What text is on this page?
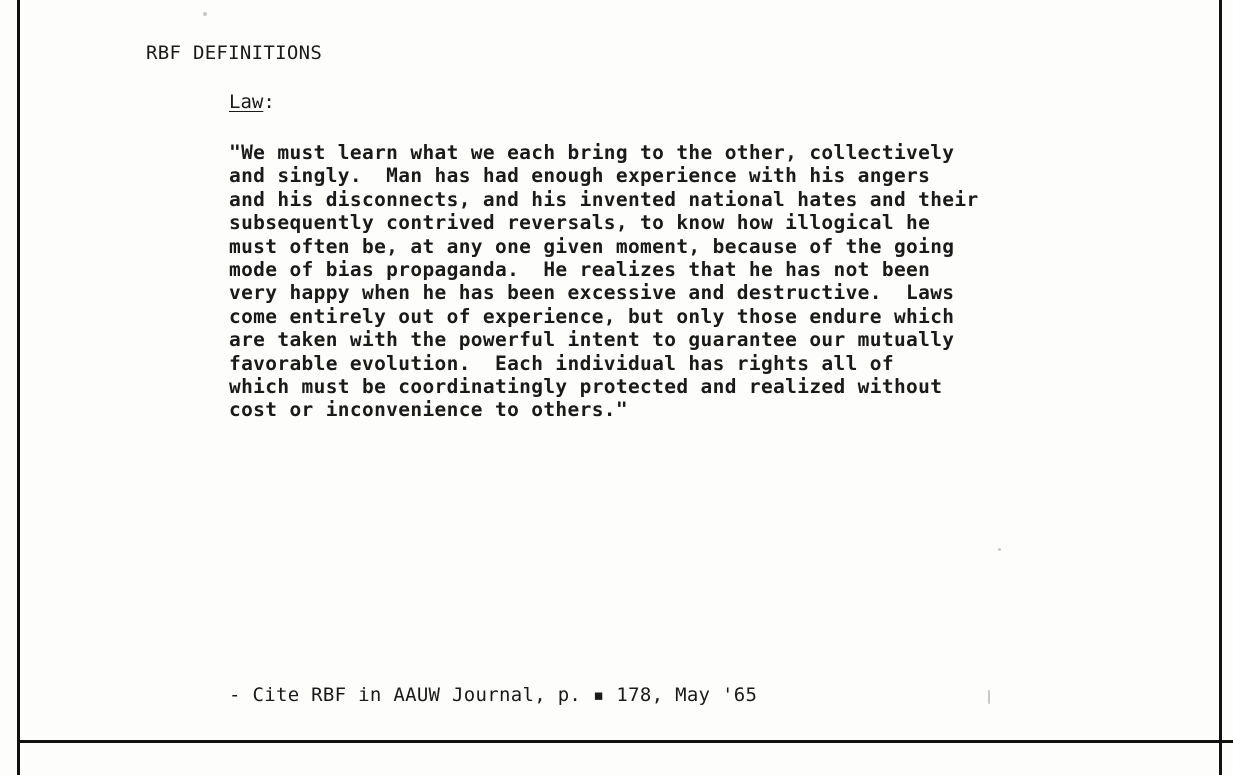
RBF DEFINITIONS
Law:
"We must learn what we each bring to the other, collectively
and singly.  Man has had enough experience with his angers
and his disconnects, and his invented national hates and their
subsequently contrived reversals, to know how illogical he
must often be, at any one given moment, because of the going
mode of bias propaganda.  He realizes that he has not been
very happy when he has been excessive and destructive.  Laws
come entirely out of experience, but only those endure which
are taken with the powerful intent to guarantee our mutually
favorable evolution.  Each individual has rights all of
which must be coordinatingly protected and realized without
cost or inconvenience to others."
- Cite RBF in AAUW Journal, p. ▪ 178, May '65
